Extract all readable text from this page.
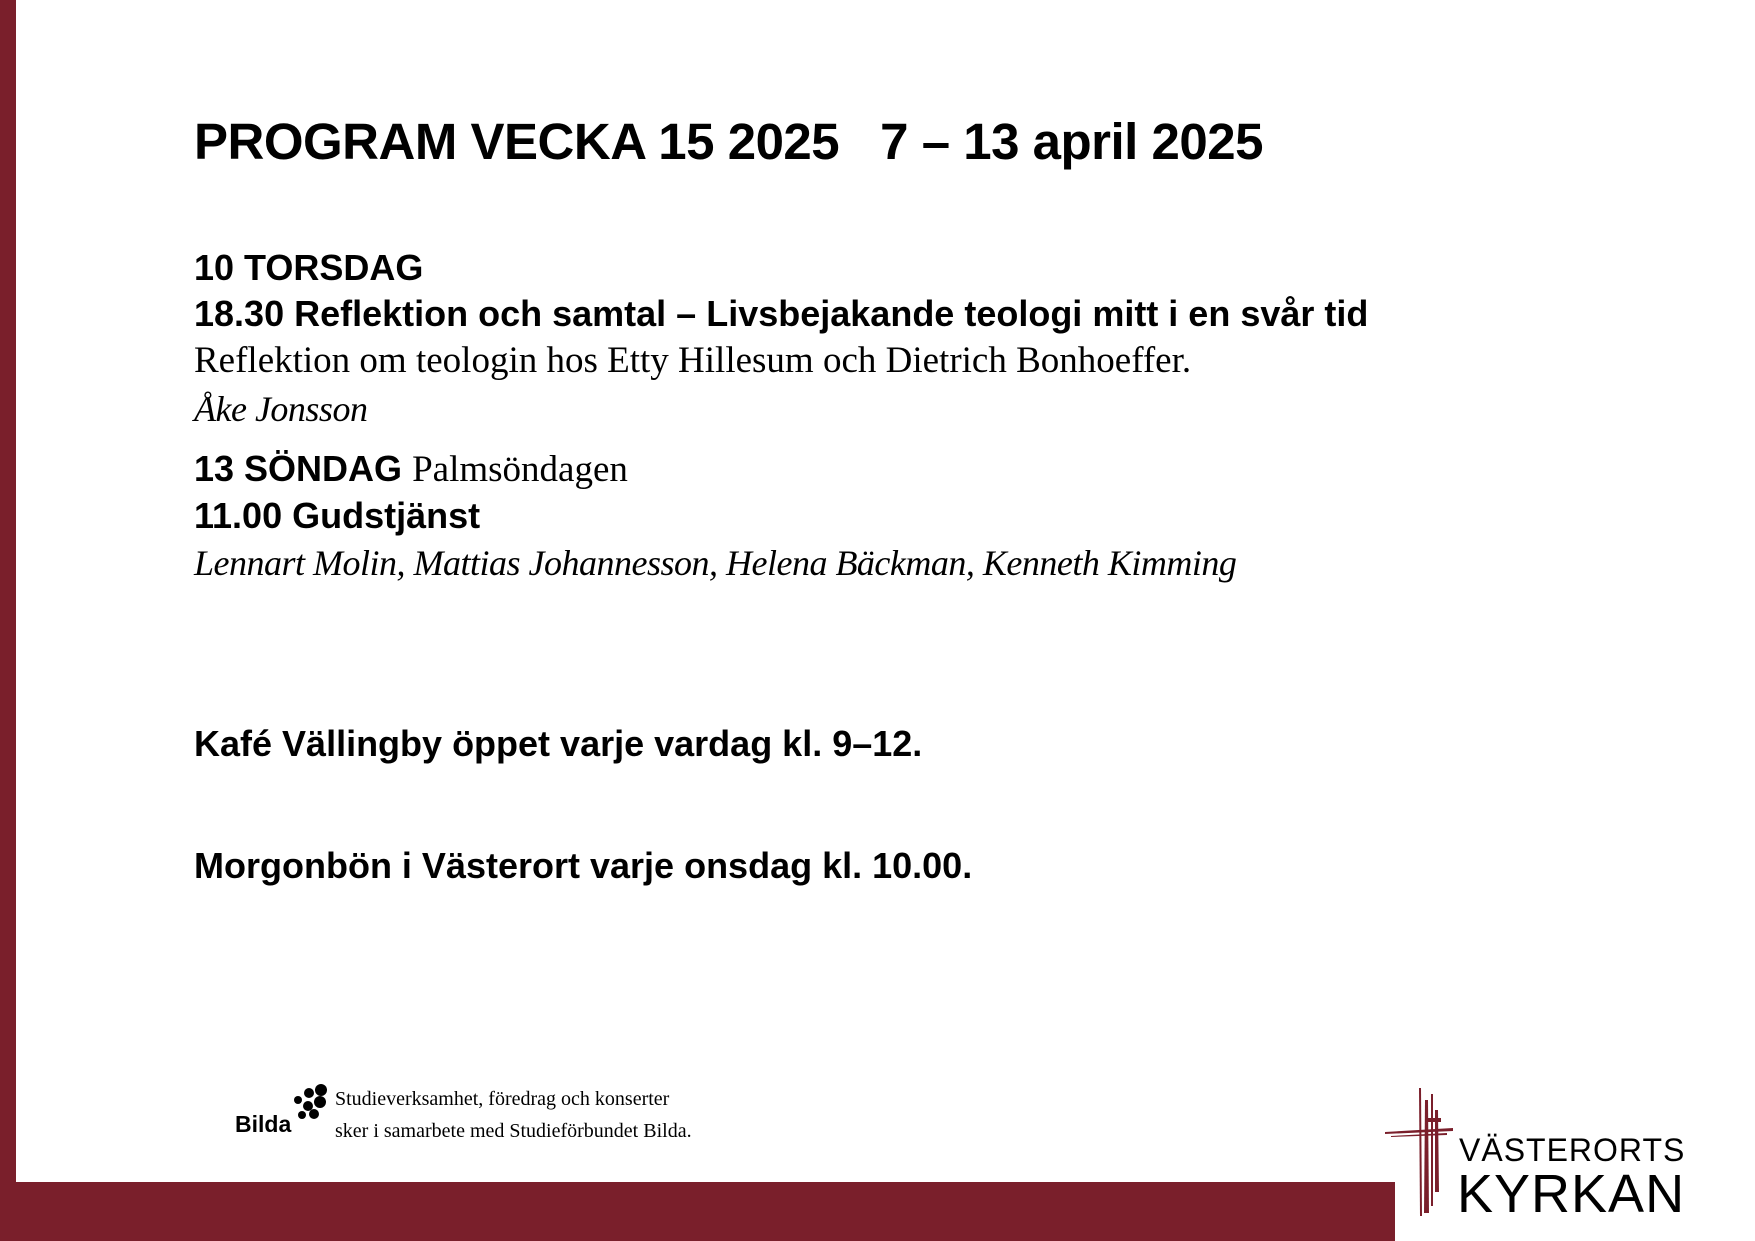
PROGRAM VECKA 15 2025   7 – 13 april 2025
10 TORSDAG
18.30 Reflektion och samtal – Livsbejakande teologi mitt i en svår tid
Reflektion om teologin hos Etty Hillesum och Dietrich Bonhoeffer.
Åke Jonsson
13 SÖNDAG Palmsöndagen
11.00 Gudstjänst
Lennart Molin, Mattias Johannesson, Helena Bäckman, Kenneth Kimming
Kafé Vällingby öppet varje vardag kl. 9–12.
Morgonbön i Västerort varje onsdag kl. 10.00.
Bilda
Studieverksamhet, föredrag och konserter
sker i samarbete med Studieförbundet Bilda.
VÄSTERORTS
KYRKAN
